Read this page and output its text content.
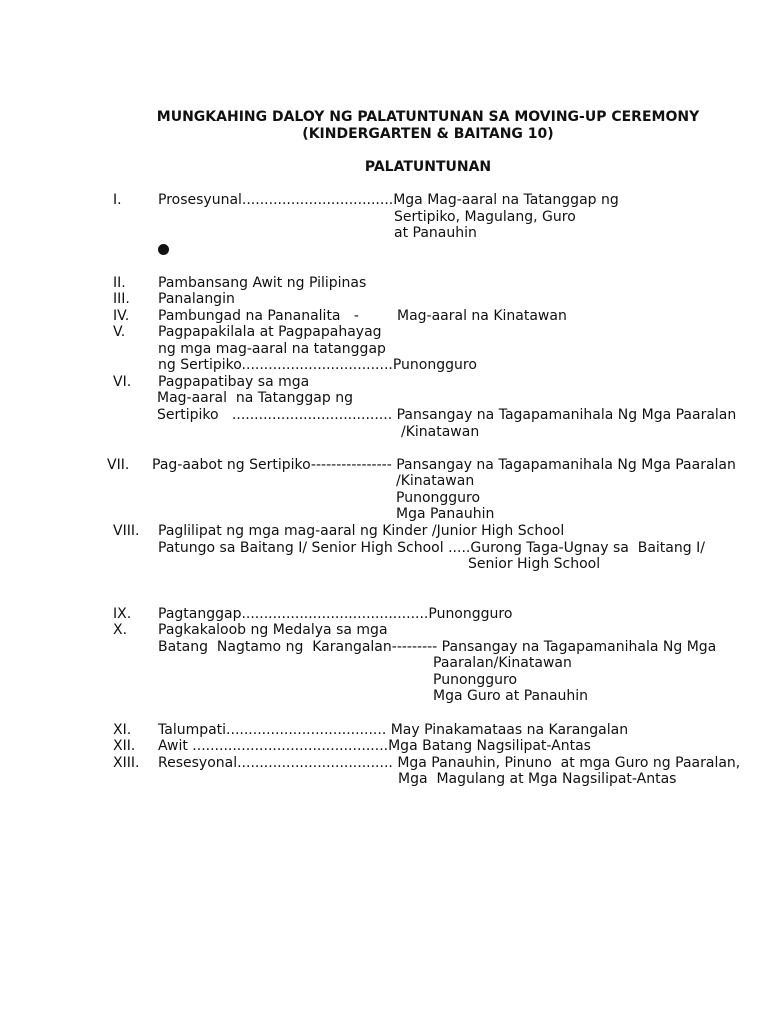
MUNGKAHING DALOY NG PALATUNTUNAN SA MOVING-UP CEREMONY
(KINDERGARTEN & BAITANG 10)
PALATUNTUNAN
I.	Prosesyunal..................................Mga Mag-aaral na Tatanggap ng
Sertipiko, Magulang, Guro
at Panauhin
II. Pambansang Awit ng Pilipinas
III. Panalangin
IV. Pambungad na Pananalita   -	Mag-aaral na Kinatawan
V. Pagpapakilala at Pagpapahayag
ng mga mag-aaral na tatanggap
ng Sertipiko..................................Punongguro
VI. Pagpapatibay sa mga
Mag-aaral  na Tatanggap ng
Sertipiko   .................................... Pansangay na Tagapamanihala Ng Mga Paaralan
/Kinatawan
VII. Pag-aabot ng Sertipiko---------------- Pansangay na Tagapamanihala Ng Mga Paaralan
/Kinatawan
Punongguro
Mga Panauhin
VIII. Paglilipat ng mga mag-aaral ng Kinder /Junior High School
Patungo sa Baitang I/ Senior High School .....Gurong Taga-Ugnay sa  Baitang I/
Senior High School
IX. Pagtanggap..........................................Punongguro
X. Pagkakaloob ng Medalya sa mga
Batang  Nagtamo ng  Karangalan--------- Pansangay na Tagapamanihala Ng Mga
Paaralan/Kinatawan
Punongguro
Mga Guro at Panauhin
XI. Talumpati.................................... May Pinakamataas na Karangalan
XII. Awit ............................................Mga Batang Nagsilipat-Antas
XIII. Resesyonal................................... Mga Panauhin, Pinuno  at mga Guro ng Paaralan,
Mga  Magulang at Mga Nagsilipat-Antas
